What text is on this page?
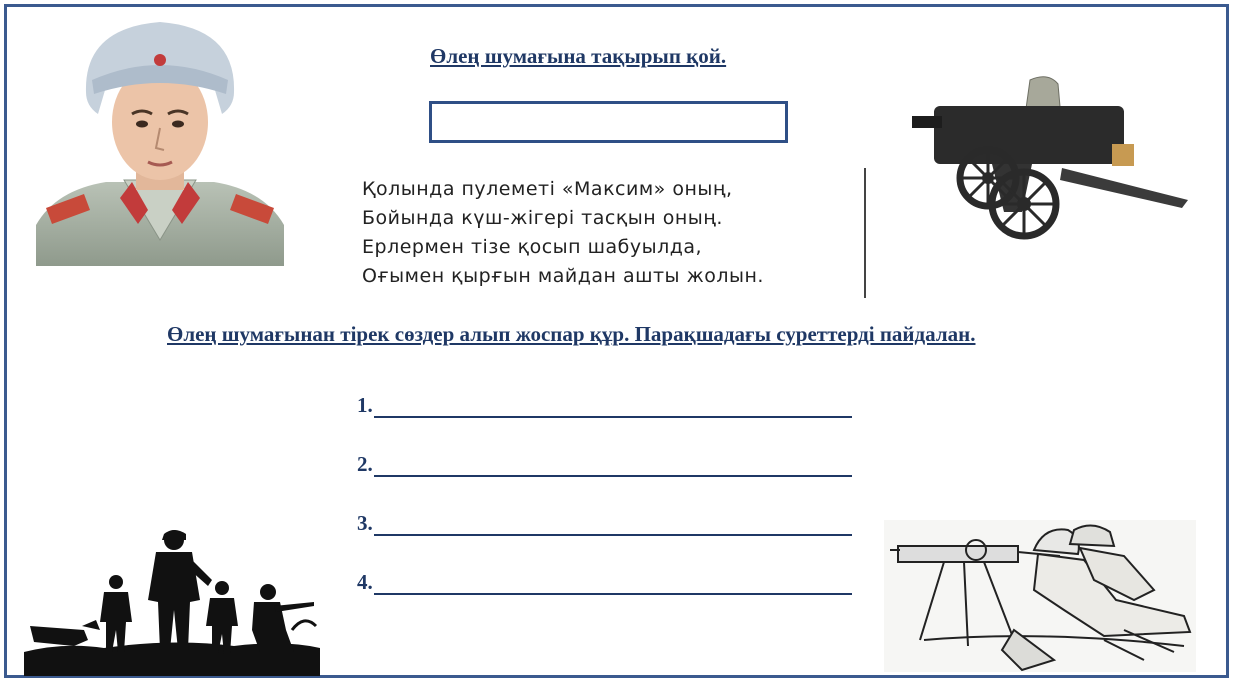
Өлең шумағына тақырып қой.
Қолында пулеметі «Максим» оның,
Бойында күш-жігері тасқын оның.
Ерлермен тізе қосып шабуылда,
Оғымен қырғын майдан ашты жолын.
Өлең шумағынан тірек сөздер алып жоспар құр. Парақшадағы суреттерді пайдалан.
1.
2.
3.
4.
